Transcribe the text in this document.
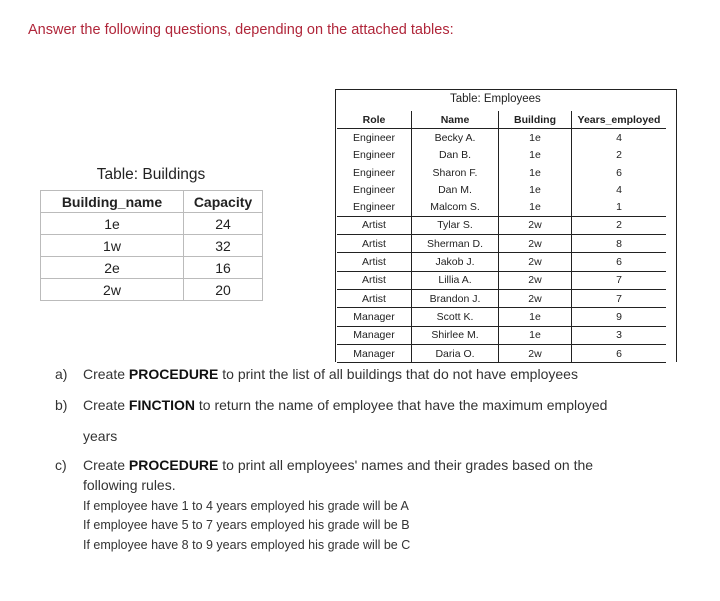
Answer the following questions, depending on the attached tables:
Table: Buildings
Building_name	Capacity
1e	24
1w	32
2e	16
2w	20
Table: Employees
Role	Name	Building	Years_employed
Engineer	Becky A.	1e	4
Engineer	Dan B.	1e	2
Engineer	Sharon F.	1e	6
Engineer	Dan M.	1e	4
Engineer	Malcom S.	1e	1
Artist	Tylar S.	2w	2
Artist	Sherman D.	2w	8
Artist	Jakob J.	2w	6
Artist	Lillia A.	2w	7
Artist	Brandon J.	2w	7
Manager	Scott K.	1e	9
Manager	Shirlee M.	1e	3
Manager	Daria O.	2w	6
a) Create PROCEDURE to print the list of all buildings that do not have employees
b) Create FINCTION to return the name of employee that have the maximum employed
years
c) Create PROCEDURE to print all employees' names and their grades based on the
following rules.
If employee have 1 to 4 years employed his grade will be A
If employee have 5 to 7 years employed his grade will be B
If employee have 8 to 9 years employed his grade will be C
